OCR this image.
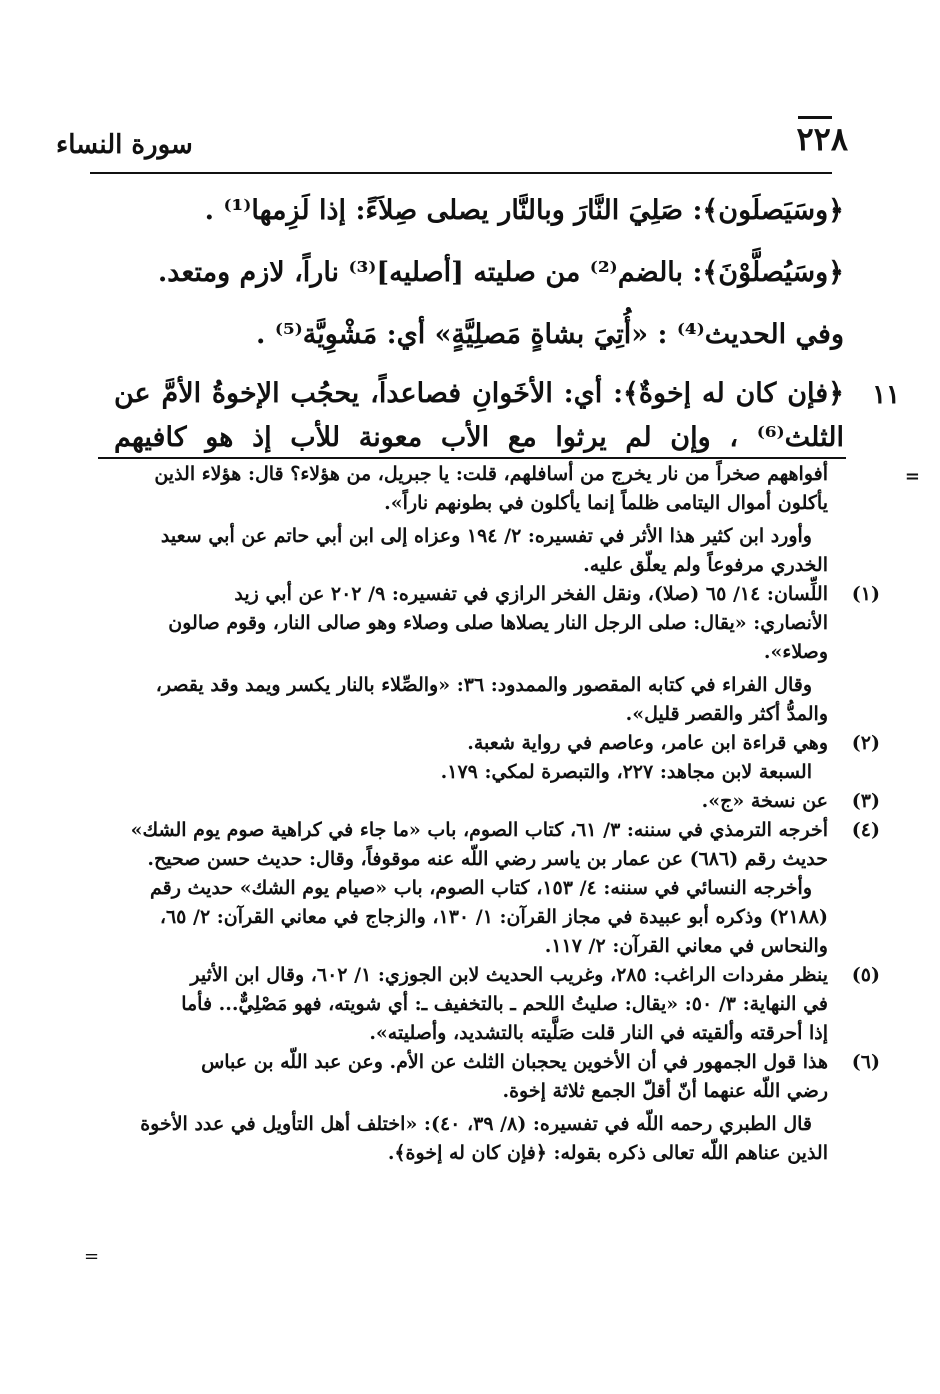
٢٢٨
سورة النساء
﴿وسَيَصلَون﴾: صَلِيَ النَّارَ وبالنَّار يصلى صِلاَءً: إذا لَزِمها⁽¹⁾ .
﴿وسَيُصلَّوْنَ﴾: بالضم⁽²⁾ من صليته [أصليه]⁽³⁾ ناراً، لازم ومتعد.
وفي الحديث⁽⁴⁾ : «أُتِيَ بشاةٍ مَصلِيَّةٍ» أي: مَشْوِيَّة⁽⁵⁾ .
١١
﴿فإن كان له إخوةٌ﴾: أي: الأخَوانِ فصاعداً، يحجُب الإخوةُ الأمَّ عن
الثلث⁽⁶⁾ ، وإن لم يرثوا مع الأب معونة للأب إذ هو كافيهم
=
أفواههم صخراً من نار يخرج من أسافلهم، قلت: يا جبريل، من هؤلاء؟ قال: هؤلاء الذين
يأكلون أموال اليتامى ظلماً إنما يأكلون في بطونهم ناراً».
وأورد ابن كثير هذا الأثر في تفسيره: ٢/ ١٩٤ وعزاه إلى ابن أبي حاتم عن أبي سعيد
الخدري مرفوعاً ولم يعلّق عليه.
(١)
اللِّسان: ١٤/ ٦٥ (صلا)، ونقل الفخر الرازي في تفسيره: ٩/ ٢٠٢ عن أبي زيد
الأنصاري: «يقال: صلى الرجل النار يصلاها صلى وصلاء وهو صالى النار، وقوم صالون
وصلاء».
وقال الفراء في كتابه المقصور والممدود: ٣٦: «والصِّلاء بالنار يكسر ويمد وقد يقصر،
والمدُّ أكثر والقصر قليل».
(٢)
وهي قراءة ابن عامر، وعاصم في رواية شعبة.
السبعة لابن مجاهد: ٢٢٧، والتبصرة لمكي: ١٧٩.
(٣)
عن نسخة «ج».
(٤)
أخرجه الترمذي في سننه: ٣/ ٦١، كتاب الصوم، باب «ما جاء في كراهية صوم يوم الشك»
حديث رقم (٦٨٦) عن عمار بن ياسر رضي اللّه عنه موقوفاً، وقال: حديث حسن صحيح.
وأخرجه النسائي في سننه: ٤/ ١٥٣، كتاب الصوم، باب «صيام يوم الشك» حديث رقم
(٢١٨٨) وذكره أبو عبيدة في مجاز القرآن: ١/ ١٣٠، والزجاج في معاني القرآن: ٢/ ٦٥،
والنحاس في معاني القرآن: ٢/ ١١٧.
(٥)
ينظر مفردات الراغب: ٢٨٥، وغريب الحديث لابن الجوزي: ١/ ٦٠٢، وقال ابن الأثير
في النهاية: ٣/ ٥٠: «يقال: صليتُ اللحم ـ بالتخفيف ـ: أي شويته، فهو مَصْلِيٌّ... فأما
إذا أحرقته وألقيته في النار قلت صَلَّيته بالتشديد، وأصليته».
(٦)
هذا قول الجمهور في أن الأخوين يحجبان الثلث عن الأم. وعن عبد اللّه بن عباس
رضي اللّه عنهما أنّ أقلّ الجمع ثلاثة إخوة.
قال الطبري رحمه اللّه في تفسيره: (٨/ ٣٩، ٤٠): «اختلف أهل التأويل في عدد الأخوة
الذين عناهم اللّه تعالى ذكره بقوله: ﴿فإن كان له إخوة﴾.
=
